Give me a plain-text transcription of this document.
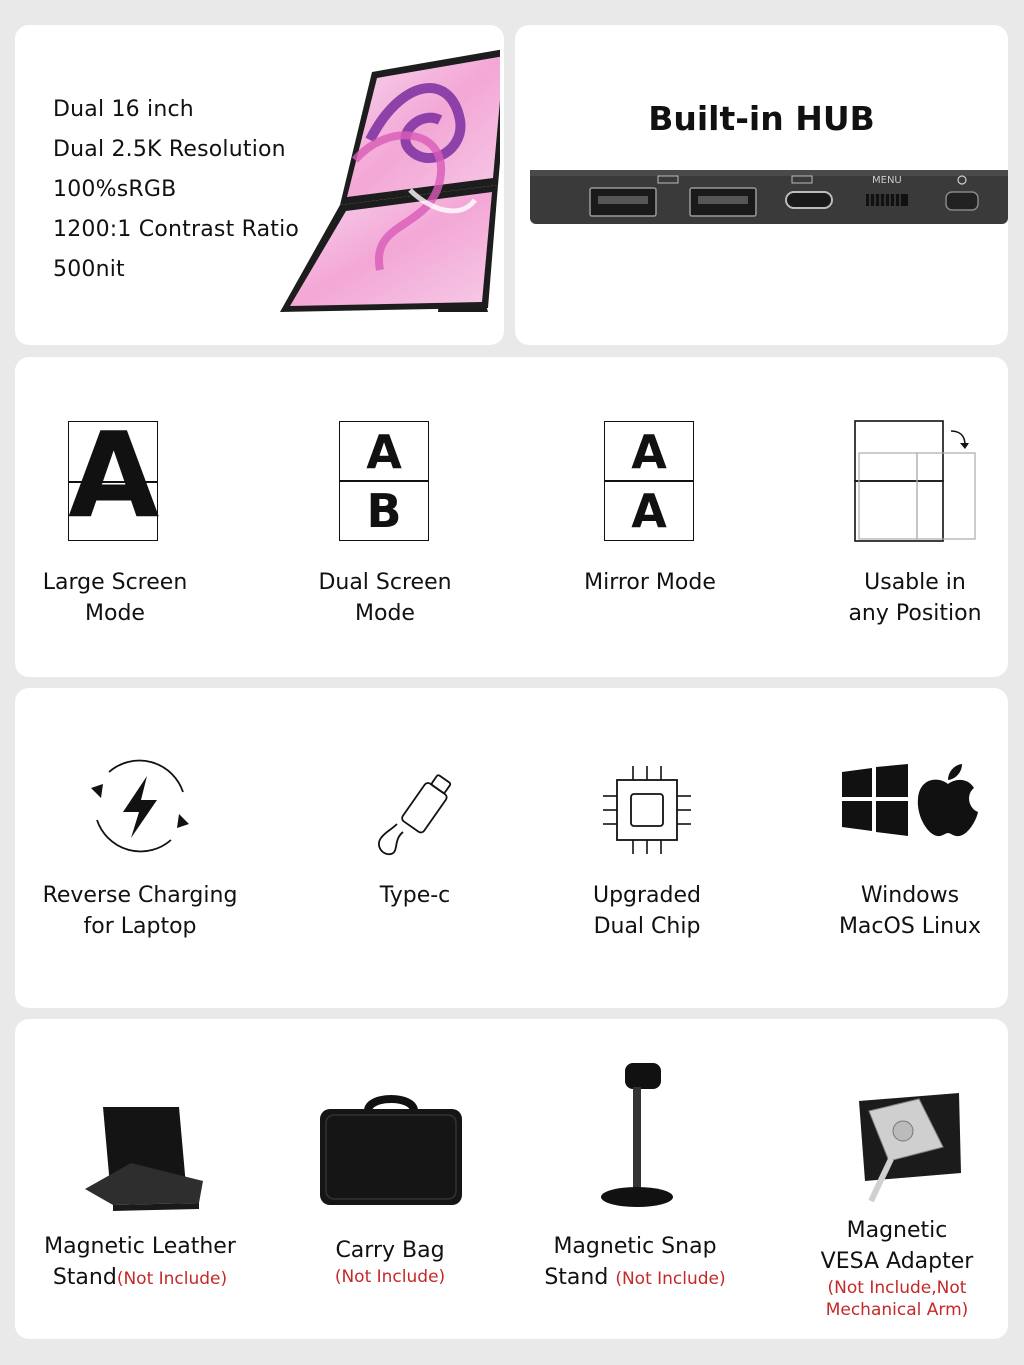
Dual 16 inch
Dual 2.5K Resolution
100%sRGB
1200:1 Contrast Ratio
500nit
Built-in HUB
MENU
A
Large Screen
Mode
A
B
Dual Screen
Mode
A
A
Mirror Mode	Usable in
any Position
Reverse Charging
for Laptop
Type-c	Upgraded
Dual Chip
Windows
MacOS Linux
Magnetic Leather
Stand(Not Include)
Carry Bag
(Not Include)
Magnetic Snap
Stand (Not Include)
Magnetic
VESA Adapter
(Not Include,Not
Mechanical Arm)
